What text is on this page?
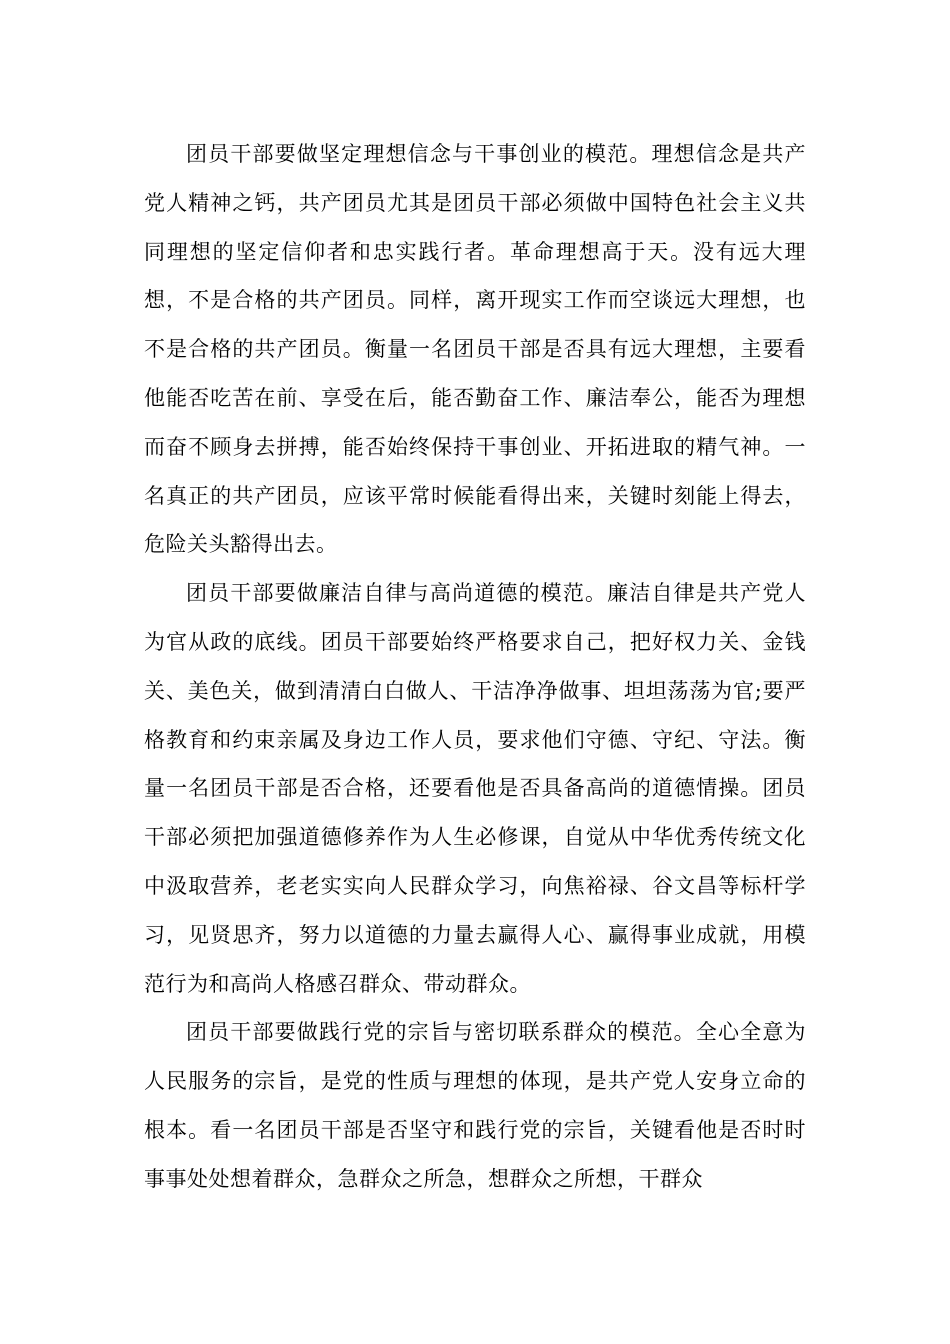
团员干部要做坚定理想信念与干事创业的模范。理想信念是共产党人精神之钙，共产团员尤其是团员干部必须做中国特色社会主义共同理想的坚定信仰者和忠实践行者。革命理想高于天。没有远大理想，不是合格的共产团员。同样，离开现实工作而空谈远大理想，也不是合格的共产团员。衡量一名团员干部是否具有远大理想，主要看他能否吃苦在前、享受在后，能否勤奋工作、廉洁奉公，能否为理想而奋不顾身去拼搏，能否始终保持干事创业、开拓进取的精气神。一名真正的共产团员，应该平常时候能看得出来，关键时刻能上得去，危险关头豁得出去。

团员干部要做廉洁自律与高尚道德的模范。廉洁自律是共产党人为官从政的底线。团员干部要始终严格要求自己，把好权力关、金钱关、美色关，做到清清白白做人、干洁净净做事、坦坦荡荡为官;要严格教育和约束亲属及身边工作人员，要求他们守德、守纪、守法。衡量一名团员干部是否合格，还要看他是否具备高尚的道德情操。团员干部必须把加强道德修养作为人生必修课，自觉从中华优秀传统文化中汲取营养，老老实实向人民群众学习，向焦裕禄、谷文昌等标杆学习，见贤思齐，努力以道德的力量去赢得人心、赢得事业成就，用模范行为和高尚人格感召群众、带动群众。

团员干部要做践行党的宗旨与密切联系群众的模范。全心全意为人民服务的宗旨，是党的性质与理想的体现，是共产党人安身立命的根本。看一名团员干部是否坚守和践行党的宗旨，关键看他是否时时事事处处想着群众，急群众之所急，想群众之所想，干群众
